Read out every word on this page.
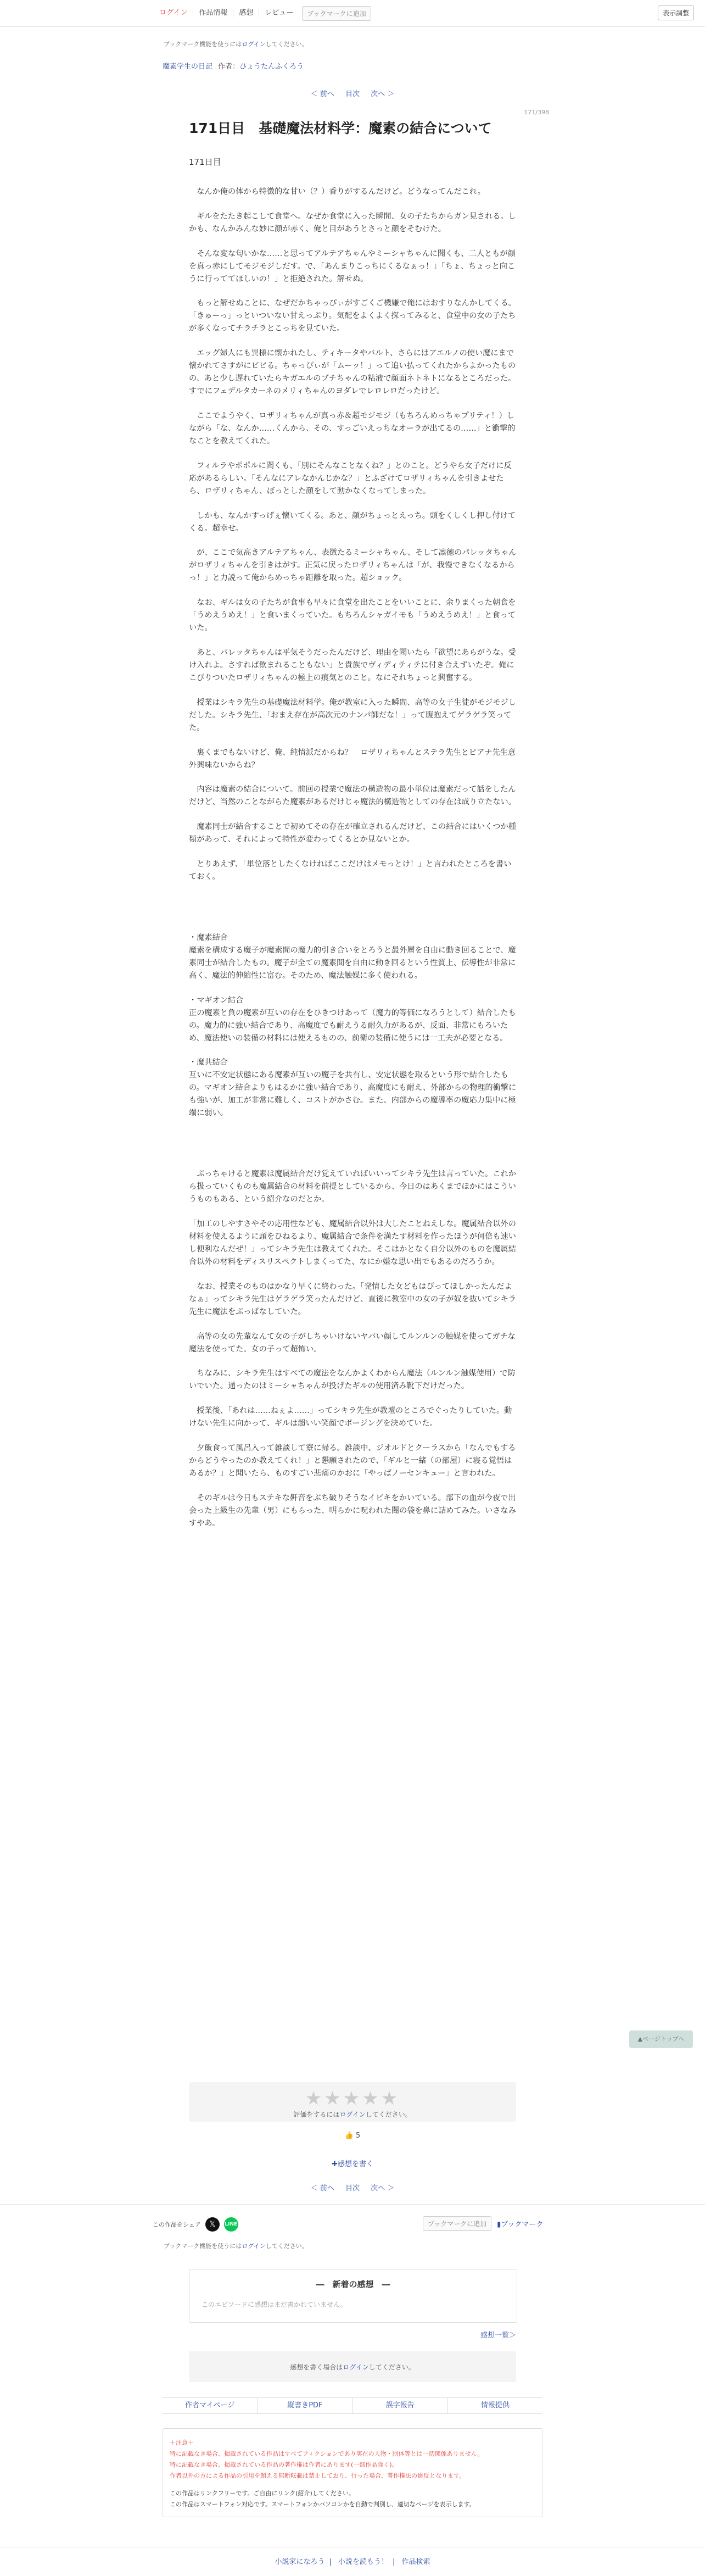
ログイン	作品情報	感想	レビュー	ブックマークに追加	表示調整
ブックマーク機能を使うにはログインしてください。
魔素学生の日記 作者：ひょうたんふくろう
＜ 前へ 目次 次へ ＞
171/398
171日目　基礎魔法材料学：魔素の結合について
171日目

　なんか俺の体から特徴的な甘い（？）香りがするんだけど。どうなってんだこれ。

　ギルをたたき起こして食堂へ。なぜか食堂に入った瞬間、女の子たちからガン見される。しかも、なんかみんな妙に顔が赤く、俺と目があうとさっと顔をそむけた。

　そんな変な匂いかな……と思ってアルテアちゃんやミーシャちゃんに聞くも、二人ともが顔を真っ赤にしてモジモジしだす。で、「あんまりこっちにくるなぁっ！」「ちょ、ちょっと向こうに行っててほしいの！」と拒絶された。解せぬ。

　もっと解せぬことに、なぜだかちゃっぴぃがすごくご機嫌で俺にはおすりなんかしてくる。「きゅーっ」っといついない甘えっぷり。気配をよくよく探ってみると、食堂中の女の子たちが多くなってチラチラとこっちを見ていた。

　エッグ婦人にも異様に懐かれたし、ティキータやバルト、さらにはアエルノの使い魔にまで懐かれてさすがにビビる。ちゃっぴぃが「ムーッ！」って追い払ってくれたからよかったものの、あと少し遅れていたらキガエルのブチちゃんの粘液で顔面ネトネトになるところだった。すでにフェデルタカーネのメリィちゃんのヨダレでレロレロだったけど。

　ここでようやく、ロザリィちゃんが真っ赤＆超モジモジ（もちろんめっちゃプリティ！）しながら「な、なんか……くんから、その、すっごいえっちなオーラが出てるの……」と衝撃的なことを教えてくれた。

　フィルラやポポルに聞くも、「別にそんなことなくね？」とのこと。どうやら女子だけに反応があるらしい。「そんなにアレなかんじかな？」とふざけてロザリィちゃんを引きよせたら、ロザリィちゃん、ぼっとした顔をして動かなくなってしまった。

　しかも、なんかすっげぇ懐いてくる。あと、顔がちょっとえっち。頭をくしくし押し付けてくる。超幸せ。

　が、ここで気高きアルテアちゃん、表徴たるミーシャちゃん、そして凛徳のパレッタちゃんがロザリィちゃんを引きはがす。正気に戻ったロザリィちゃんは「が、我慢できなくなるからっ！」と力説って俺からめっちゃ距離を取った。超ショック。

　なお、ギルは女の子たちが食事も早々に食堂を出たことをいいことに、余りまくった朝食を「うめえうめえ！」と食いまくっていた。もちろんシャガイモも「うめえうめえ！」と食っていた。

　あと、パレッタちゃんは平気そうだったんだけど、理由を聞いたら「欲望にあらがうな。受け入れよ。さすれば飲まれることもない」と貴族でヴィディティテに付き合えずいたぞ。俺にこびりついたロザリィちゃんの極上の痕気とのこと。なにそれちょっと興奮する。

　授業はシキラ先生の基礎魔法材料学。俺が教室に入った瞬間、高等の女子生徒がモジモジしだした。シキラ先生、「おまえ存在が高次元のナンパ師だな！」って腹抱えてゲラゲラ笑ってた。

　裏くまでもないけど、俺、純情派だからね？　ロザリィちゃんとステラ先生とピアナ先生意外興味ないからね？

　内容は魔素の結合について。前回の授業で魔法の構造物の最小単位は魔素だって話をしたんだけど、当然のことながらた魔素があるだけじゃ魔法的構造物としての存在は成り立たない。

　魔素同士が結合することで初めてその存在が確立されるんだけど、この結合にはいくつか種類があって、それによって特性が変わってくるとか見ないとか。

　とりあえず、「単位落としたくなければここだけはメモっとけ！」と言われたところを書いておく。

・魔素結合
魔素を構成する魔子が魔素間の魔力的引き合いをとろうと最外層を自由に動き回ることで、魔素同士が結合したもの。魔子が全ての魔素間を自由に動き回るという性質上、伝導性が非常に高く、魔法的伸縮性に富む。そのため、魔法触媒に多く使われる。

・マギオン結合
正の魔素と負の魔素が互いの存在をひきつけあって（魔力的等価になろうとして）結合したもの。魔力的に強い結合であり、高魔度でも耐えうる耐久力があるが、反面、非常にもろいため、魔法使いの装備の材料には使えるものの、前衛の装備に使うには一工夫が必要となる。

・魔共結合
互いに不安定状態にある魔素が互いの魔子を共有し、安定状態を取るという形で結合したもの。マギオン結合よりもはるかに強い結合であり、高魔度にも耐え、外部からの物理的衝撃にも強いが、加工が非常に難しく、コストがかさむ。また、内部からの魔導率の魔応力集中に極端に弱い。

　ぶっちゃけると魔素は魔属結合だけ覚えていればいいってシキラ先生は言っていた。これから扱っていくものも魔属結合の材料を前提としているから、今日のはあくまでほかにはこういうものもある、という紹介なのだとか。

「加工のしやすさやその応用性なども、魔属結合以外は大したことねえしな。魔属結合以外の材料を使えるように頭をひねるより、魔属結合で条件を満たす材料を作ったほうが何倍も速いし便利なんだぜ！」ってシキラ先生は教えてくれた。そこはかとなく自分以外のものを魔属結合以外の材料をディスリスペクトしまくってた、なにか嫌な思い出でもあるのだろうか。

　なお、授業そのものはかなり早くに終わった。「発情した女どもはぴってほしかったんだよなぁ」ってシキラ先生はゲラゲラ笑ったんだけど、直後に教室中の女の子が奴を抜いてシキラ先生に魔法をぶっぱなしていた。

　高等の女の先輩なんて女の子がしちゃいけないヤバい顔してルンルンの触媒を使ってガチな魔法を使ってた。女の子って超怖い。

　ちなみに、シキラ先生はすべての魔法をなんかよくわからん魔法（ルンルン触媒使用）で防いでいた。通ったのはミーシャちゃんが投げたギルの使用済み靴下だけだった。

　授業後、「あれは……ねぇよ……」ってシキラ先生が教壇のところでぐったりしていた。動けない先生に向かって、ギルは超いい笑顔でボージングを決めていた。

　夕飯食って風呂入って雑談して寮に帰る。雑談中、ジオルドとクーラスから「なんでもするからどうやったのか教えてくれ！」と懇願されたので、「ギルと一緒（の部屋）に寝る覚悟はあるか？」と聞いたら、ものすごい悲痛のかおに「やっぱノーセンキュー」と言われた。

　そのギルは今日もステキな鼾音をぶち破りそうなイビキをかいている。部下の血が今夜で出会った上級生の先輩（男）にもらった、明らかに呪われた闇の袋を鼻に詰めてみた。いさなみすやあ。

▲ページトップへ
★★★★★
評価をするにはログインしてください。
👍 5
✚感想を書く
＜ 前へ 目次 次へ ＞
この作品をシェア	𝕏	LINE	ブックマークに追加	▮ブックマーク
ブックマーク機能を使うにはログインしてください。
―　新着の感想　―
このエピソードに感想はまだ書かれていません。
感想一覧＞
感想を書く場合はログインしてください。
作者マイページ	縦書きPDF	誤字報告	情報提供
＋注意＋
特に記載なき場合、掲載されている作品はすべてフィクションであり実在の人物・団体等とは一切関係ありません。
特に記載なき場合、掲載されている作品の著作権は作者にあります(一部作品除く)。
作者以外の方による作品の引用を超える無断転載は禁止しており、行った場合、著作権法の違反となります。
この作品はリンクフリーです。ご自由にリンク(紹介)してください。
この作品はスマートフォン対応です。スマートフォンかパソコンかを自動で判別し、適切なページを表示します。
小説家になろう | 小説を読もう！ | 作品検索
